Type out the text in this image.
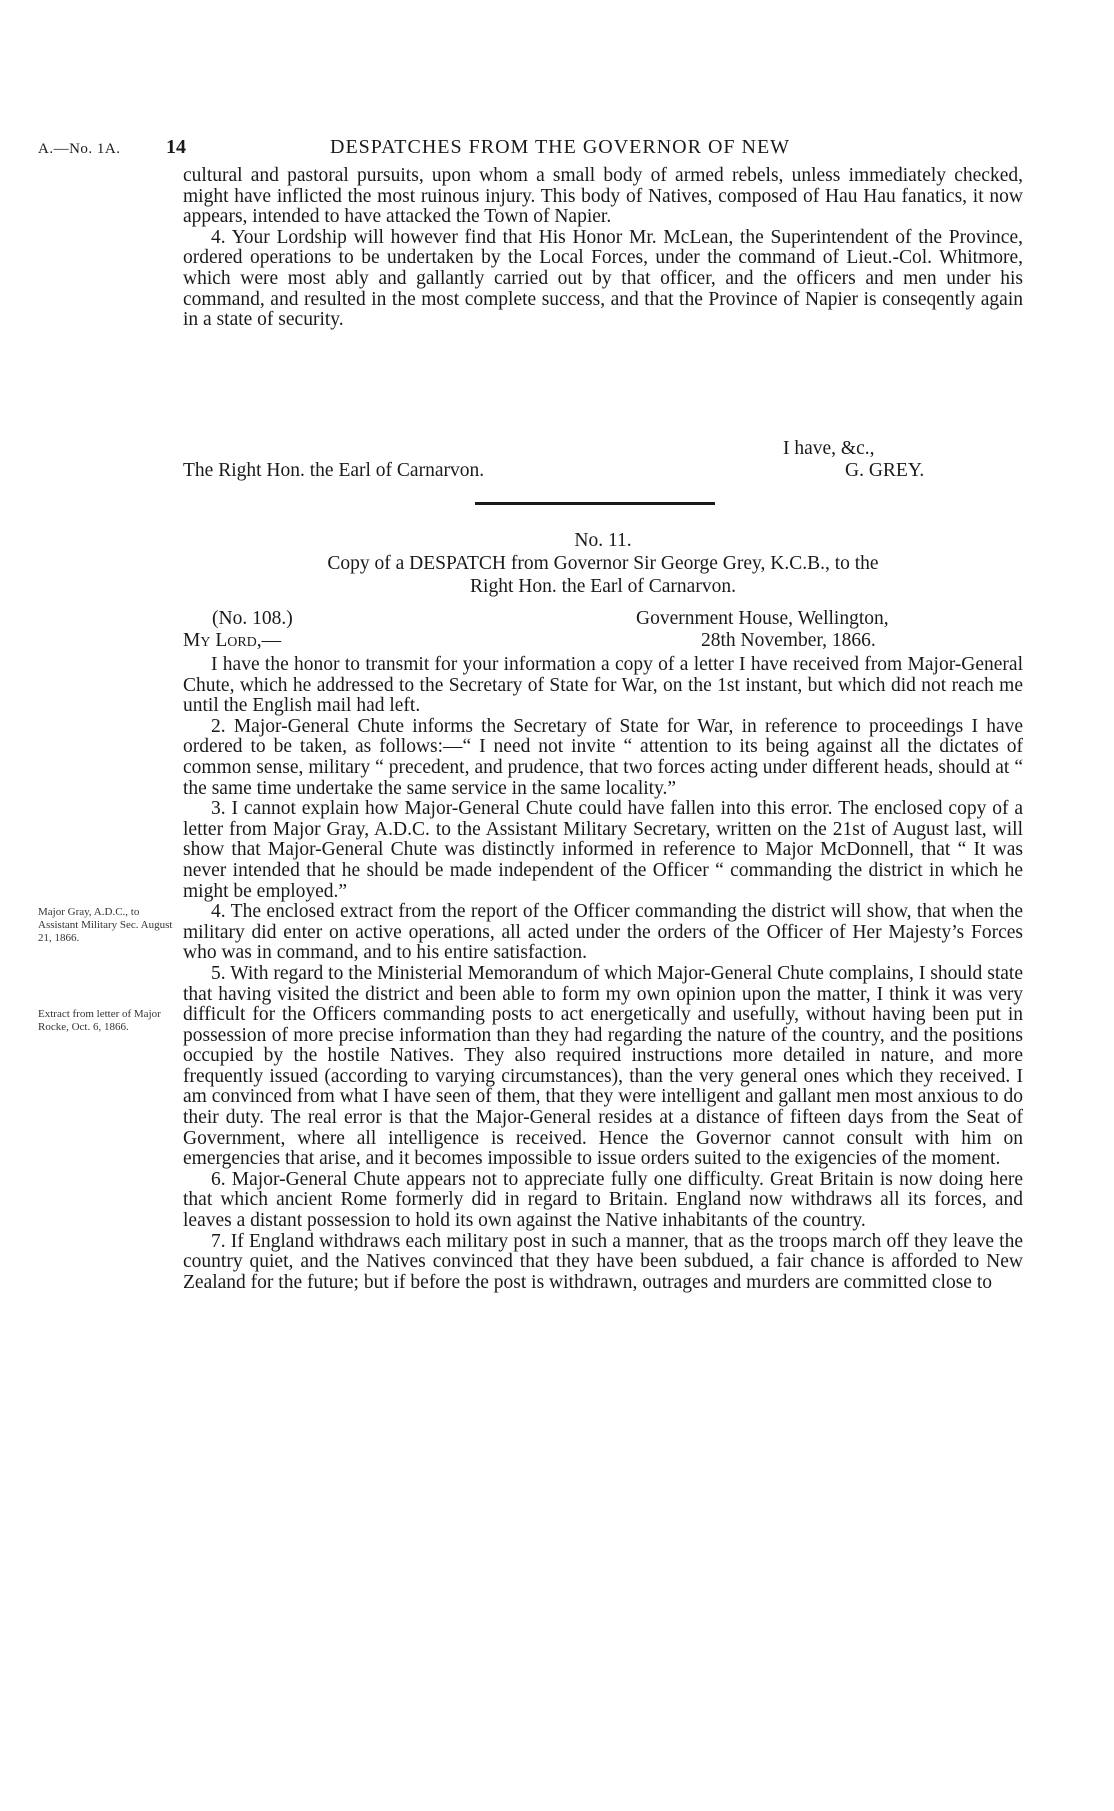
A.—No. 1A. 14	DESPATCHES FROM THE GOVERNOR OF NEW

cultural and pastoral pursuits, upon whom a small body of armed rebels, unless immediately checked, might have inflicted the most ruinous injury. This body of Natives, composed of Hau Hau fanatics, it now appears, intended to have attacked the Town of Napier.

4. Your Lordship will however find that His Honor Mr. McLean, the Superintendent of the Province, ordered operations to be undertaken by the Local Forces, under the command of Lieut.-Col. Whitmore, which were most ably and gallantly carried out by that officer, and the officers and men under his command, and resulted in the most complete success, and that the Province of Napier is conseqently again in a state of security.

I have, &c.,
The Right Hon. the Earl of Carnarvon.	G. GREY.
No. 11.
Copy of a DESPATCH from Governor Sir George Grey, K.C.B., to the
Right Hon. the Earl of Carnarvon.
(No. 108.)	Government House, Wellington,
My Lord,—	28th November, 1866.

I have the honor to transmit for your information a copy of a letter I have received from Major-General Chute, which he addressed to the Secretary of State for War, on the 1st instant, but which did not reach me until the English mail had left.

2. Major-General Chute informs the Secretary of State for War, in reference to proceedings I have ordered to be taken, as follows:—“ I need not invite “ attention to its being against all the dictates of common sense, military “ precedent, and prudence, that two forces acting under different heads, should at “ the same time undertake the same service in the same locality.”

3. I cannot explain how Major-General Chute could have fallen into this error. The enclosed copy of a letter from Major Gray, A.D.C. to the Assistant Military Secretary, written on the 21st of August last, will show that Major-General Chute was distinctly informed in reference to Major McDonnell, that “ It was never intended that he should be made independent of the Officer “ commanding the district in which he might be employed.”

4. The enclosed extract from the report of the Officer commanding the district will show, that when the military did enter on active operations, all acted under the orders of the Officer of Her Majesty’s Forces who was in command, and to his entire satisfaction.

5. With regard to the Ministerial Memorandum of which Major-General Chute complains, I should state that having visited the district and been able to form my own opinion upon the matter, I think it was very difficult for the Officers commanding posts to act energetically and usefully, without having been put in possession of more precise information than they had regarding the nature of the country, and the positions occupied by the hostile Natives. They also required instructions more detailed in nature, and more frequently issued (according to varying circumstances), than the very general ones which they received. I am convinced from what I have seen of them, that they were intelligent and gallant men most anxious to do their duty. The real error is that the Major-General resides at a distance of fifteen days from the Seat of Government, where all intelligence is received. Hence the Governor cannot consult with him on emergencies that arise, and it becomes impossible to issue orders suited to the exigencies of the moment.

6. Major-General Chute appears not to appreciate fully one difficulty. Great Britain is now doing here that which ancient Rome formerly did in regard to Britain. England now withdraws all its forces, and leaves a distant possession to hold its own against the Native inhabitants of the country.

7. If England withdraws each military post in such a manner, that as the troops march off they leave the country quiet, and the Natives convinced that they have been subdued, a fair chance is afforded to New Zealand for the future; but if before the post is withdrawn, outrages and murders are committed close to

Major Gray, A.D.C., to Assistant Military Sec. August 21, 1866.
Extract from letter of Major Rocke, Oct. 6, 1866.
